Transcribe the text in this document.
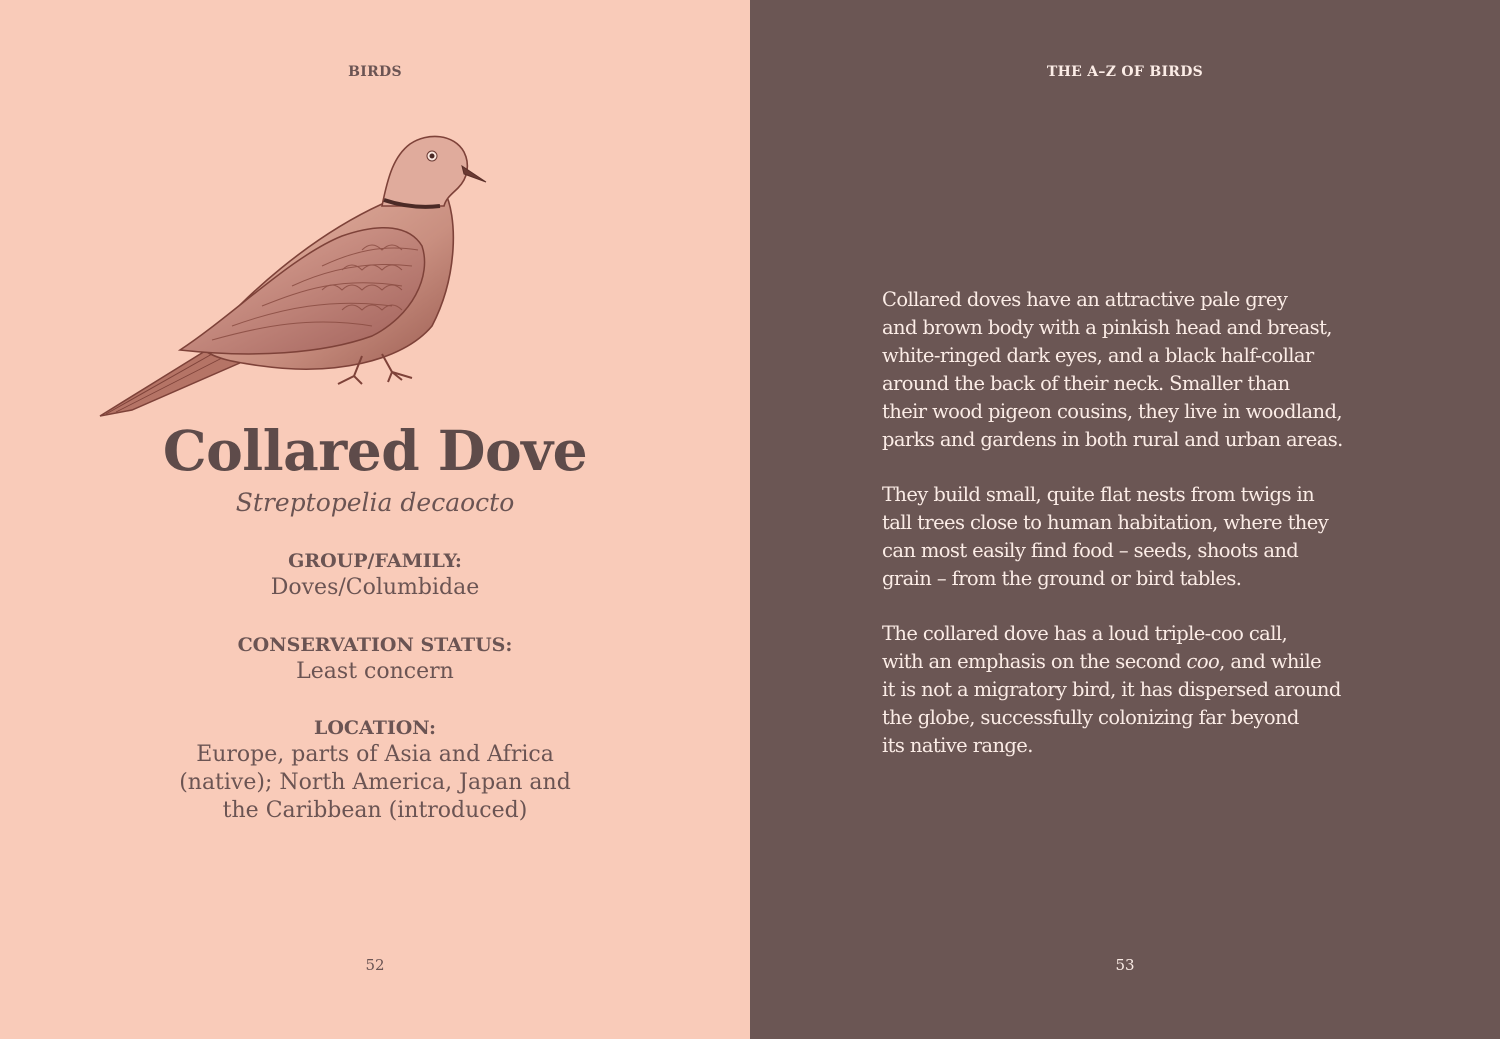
BIRDS
Collared Dove
Streptopelia decaocto
GROUP/FAMILY:
Doves/Columbidae
CONSERVATION STATUS:
Least concern
LOCATION:
Europe, parts of Asia and Africa
(native); North America, Japan and
the Caribbean (introduced)
52
THE A–Z OF BIRDS

Collared doves have an attractive pale grey
and brown body with a pinkish head and breast,
white-ringed dark eyes, and a black half-collar
around the back of their neck. Smaller than
their wood pigeon cousins, they live in woodland,
parks and gardens in both rural and urban areas.

They build small, quite flat nests from twigs in
tall trees close to human habitation, where they
can most easily find food – seeds, shoots and
grain – from the ground or bird tables.

The collared dove has a loud triple-coo call,
with an emphasis on the second coo, and while
it is not a migratory bird, it has dispersed around
the globe, successfully colonizing far beyond
its native range.

53
